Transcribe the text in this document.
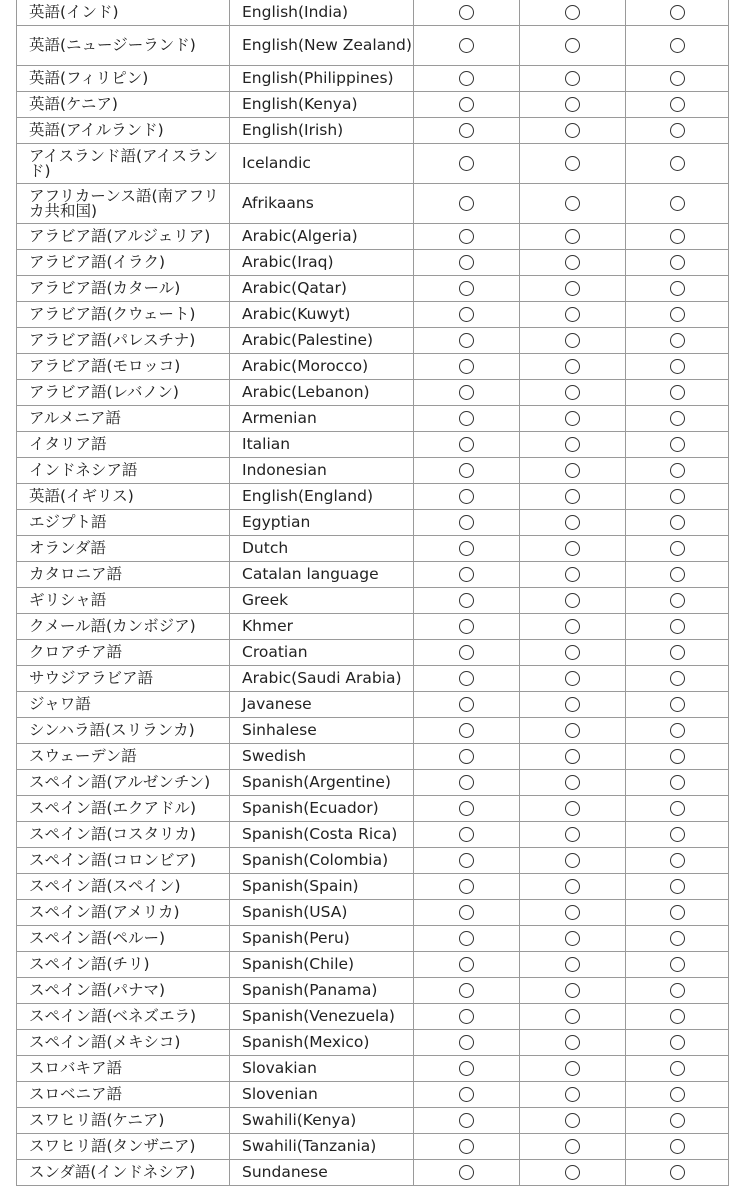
英語(インド)	English(India)			
英語(ニュージーランド)	English(New Zealand)			
英語(フィリピン)	English(Philippines)			
英語(ケニア)	English(Kenya)			
英語(アイルランド)	English(Irish)			
アイスランド語(アイスランド)	Icelandic			
アフリカーンス語(南アフリカ共和国)	Afrikaans			
アラビア語(アルジェリア)	Arabic(Algeria)			
アラビア語(イラク)	Arabic(Iraq)			
アラビア語(カタール)	Arabic(Qatar)			
アラビア語(クウェート)	Arabic(Kuwyt)			
アラビア語(パレスチナ)	Arabic(Palestine)			
アラビア語(モロッコ)	Arabic(Morocco)			
アラビア語(レバノン)	Arabic(Lebanon)			
アルメニア語	Armenian			
イタリア語	Italian			
インドネシア語	Indonesian			
英語(イギリス)	English(England)			
エジプト語	Egyptian			
オランダ語	Dutch			
カタロニア語	Catalan language			
ギリシャ語	Greek			
クメール語(カンボジア)	Khmer			
クロアチア語	Croatian			
サウジアラビア語	Arabic(Saudi Arabia)			
ジャワ語	Javanese			
シンハラ語(スリランカ)	Sinhalese			
スウェーデン語	Swedish			
スペイン語(アルゼンチン)	Spanish(Argentine)			
スペイン語(エクアドル)	Spanish(Ecuador)			
スペイン語(コスタリカ)	Spanish(Costa Rica)			
スペイン語(コロンビア)	Spanish(Colombia)			
スペイン語(スペイン)	Spanish(Spain)			
スペイン語(アメリカ)	Spanish(USA)			
スペイン語(ペルー)	Spanish(Peru)			
スペイン語(チリ)	Spanish(Chile)			
スペイン語(パナマ)	Spanish(Panama)			
スペイン語(ベネズエラ)	Spanish(Venezuela)			
スペイン語(メキシコ)	Spanish(Mexico)			
スロバキア語	Slovakian			
スロベニア語	Slovenian			
スワヒリ語(ケニア)	Swahili(Kenya)			
スワヒリ語(タンザニア)	Swahili(Tanzania)			
スンダ語(インドネシア)	Sundanese			
